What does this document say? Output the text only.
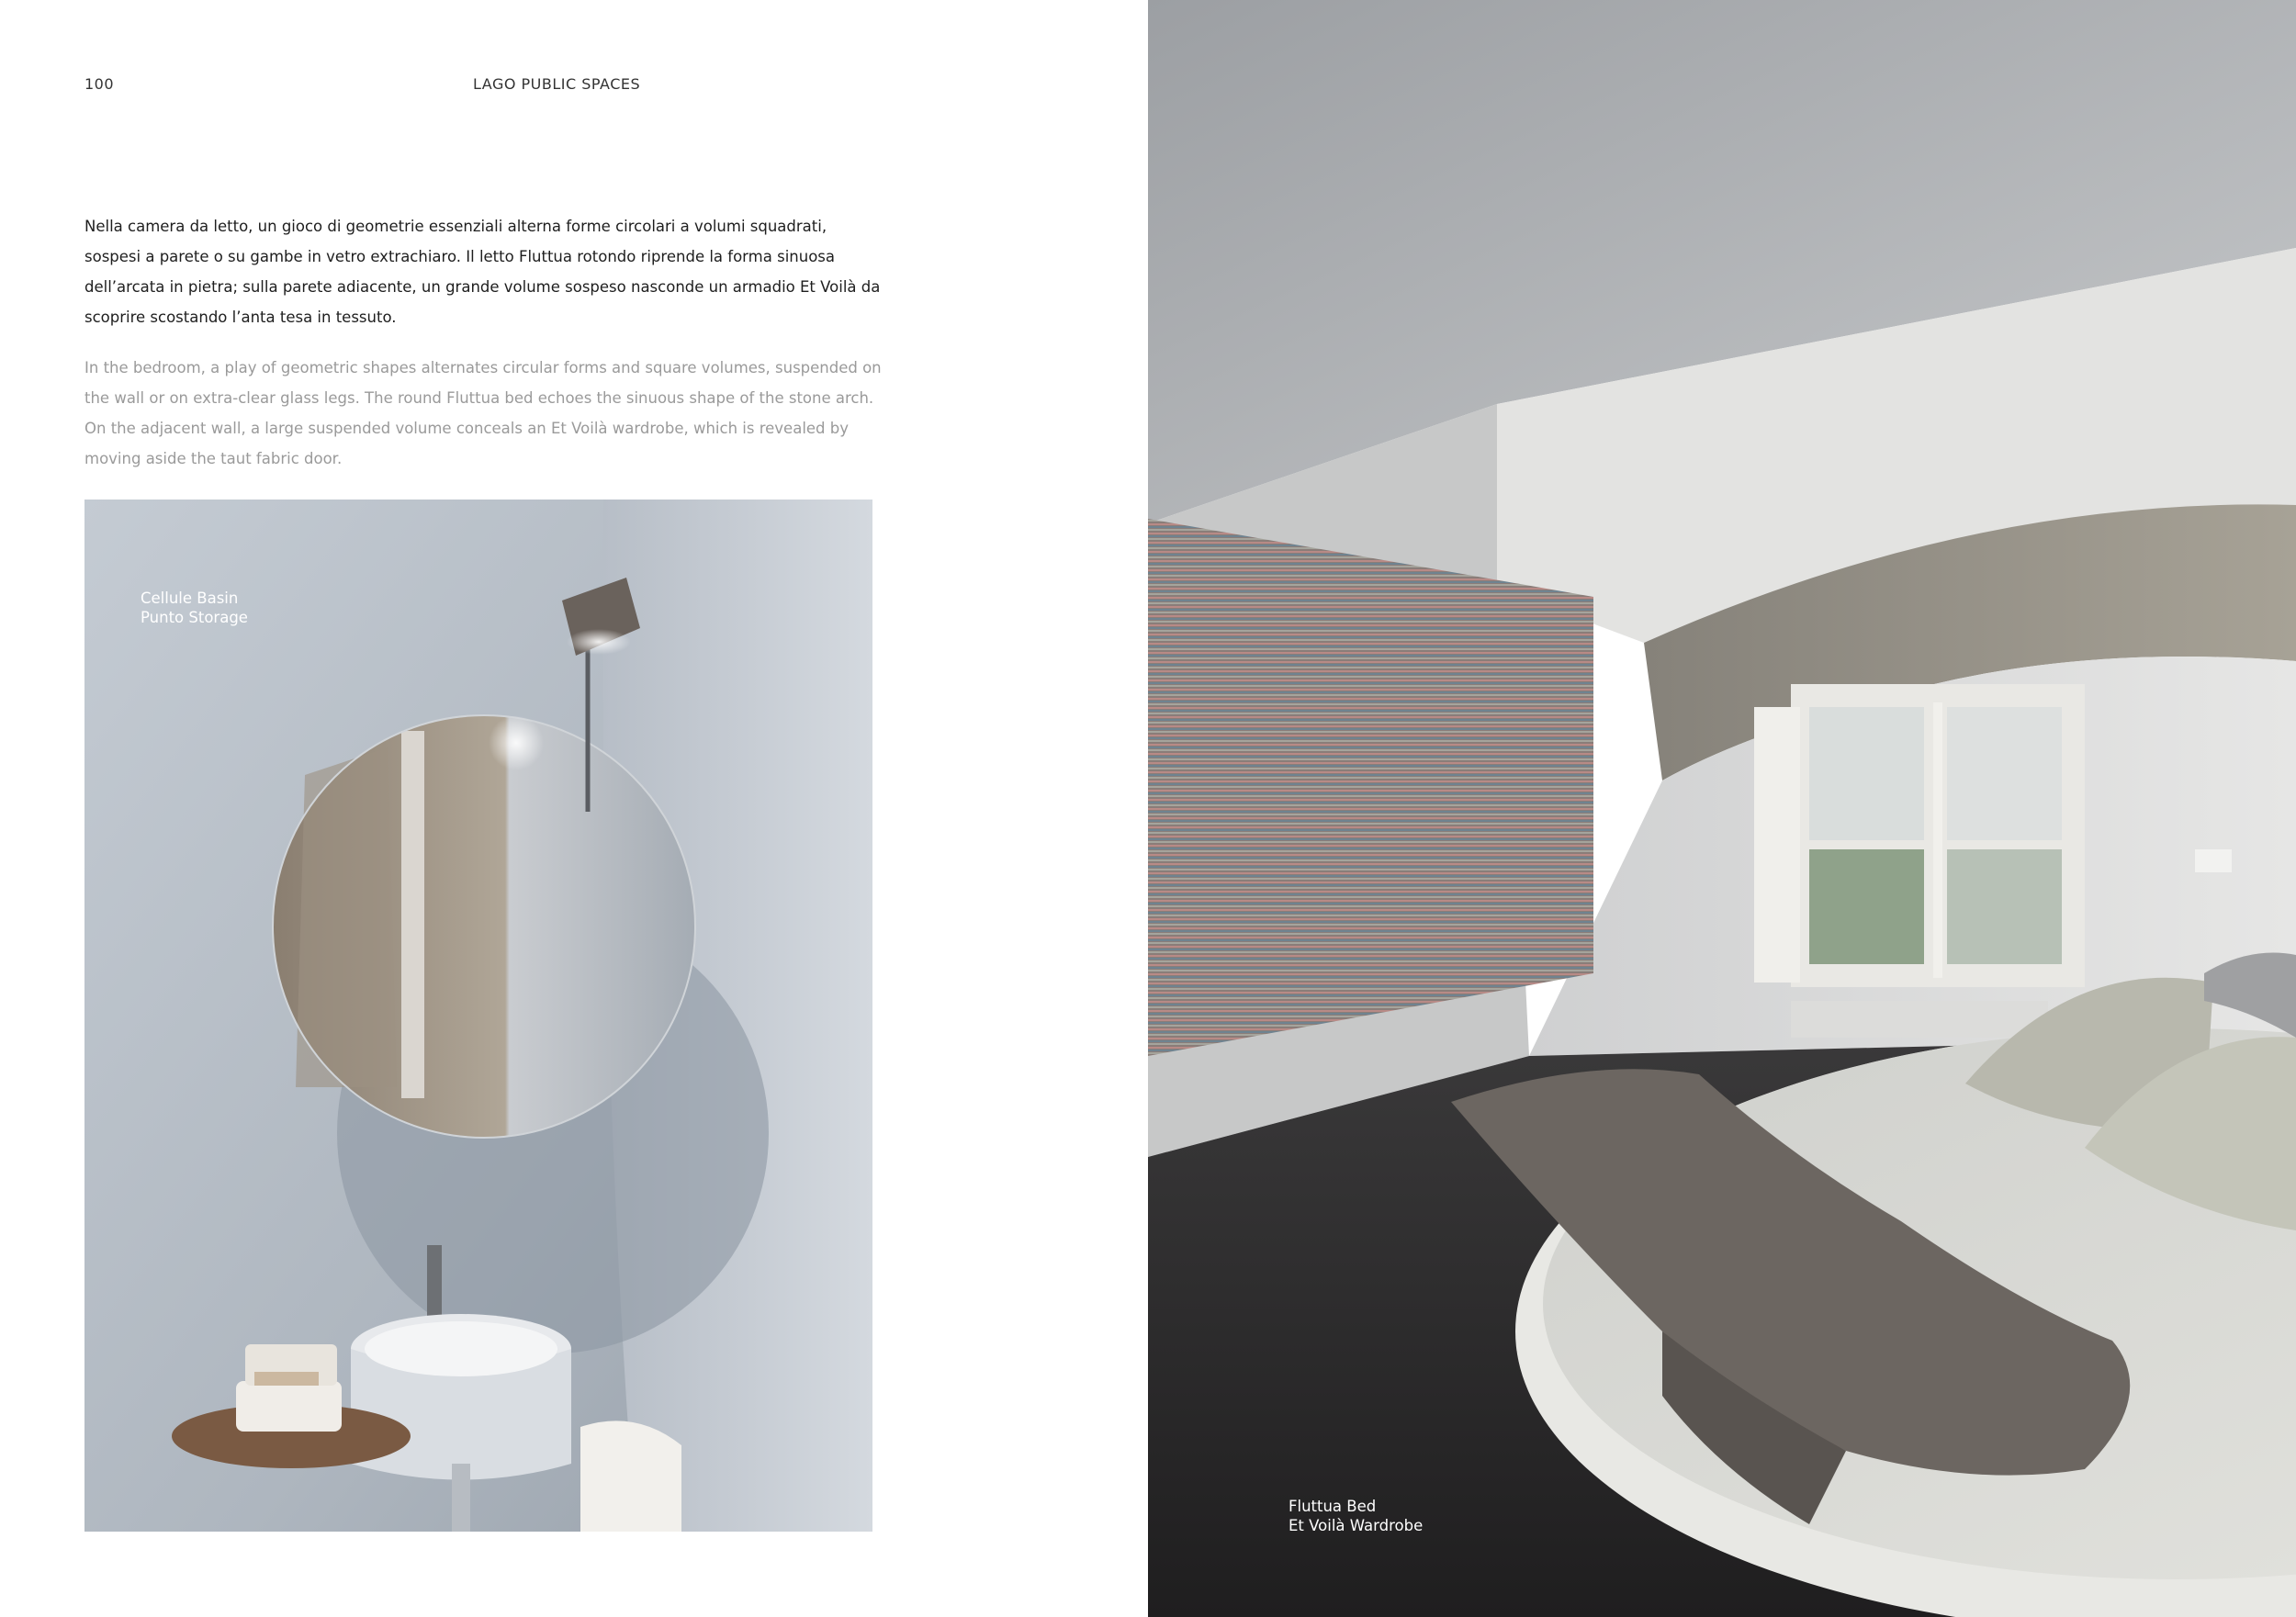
100	LAGO PUBLIC SPACES

Nella camera da letto, un gioco di geometrie essenziali alterna forme circolari a volumi squadrati, sospesi a parete o su gambe in vetro extrachiaro. Il letto Fluttua rotondo riprende la forma sinuosa dell’arcata in pietra; sulla parete adiacente, un grande volume sospeso nasconde un armadio Et Voilà da scoprire scostando l’anta tesa in tessuto.

In the bedroom, a play of geometric shapes alternates circular forms and square volumes, suspended on the wall or on extra-clear glass legs. The round Fluttua bed echoes the sinuous shape of the stone arch. On the adjacent wall, a large suspended volume conceals an Et Voilà wardrobe, which is revealed by moving aside the taut fabric door.

Cellule Basin
Punto Storage
Fluttua Bed
Et Voilà Wardrobe
